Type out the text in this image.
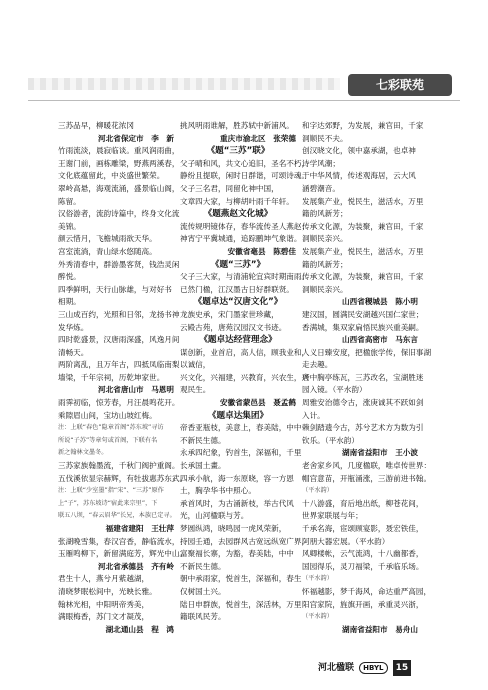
七彩联苑
三苏品早，柳暖花浓冈
　　河北省保定市　李　新
竹雨流淡，晨寂临谈。重风润雨曲，
王谢门前，画栋雕梁，野燕两溪春，
文化底蕴留此，中炎盛世繁荣。
翠岭高悬，海观流涌，盛景临山阁，
陈留。
汉俗游者，流韵诗篇中，终身文化流
美锦。
颜云惜月，飞檐城雨欲天华。
宫室流淌，青山绿水悠随高。
外秀清春中，群游墨客贤，钱浩灵闲
醉悦。
四季鲜明，天行山脉雄，与对好书
相期。
三山成百约，光照和日邻，龙扬书神
发华炼。
四时乾盛景，汉唐雨深盛，风逸月间
清畅天。
两阶离乱，且万年古，四抵凤临南梨
墙梁，千年宗祠，历乾坤家世。
　　河北省唐山市　马恩明
雨霁初临，惊芳春，月汪晨鸣花开。
乘隙眉山间，宝坊山坡红梅。
注：上联“春色”隐章首阁“苏东坡”寻访
所说“子苏”等章句或首阁，下联有名
新之翰林文墨冬。
三苏家族翰墨流，千秋门阀护重阁。
五伐溪依显宗赫辉，有牡拔惠苏东武。
注：上联“少室墨”指“宋”、“三苏”原作
上“子”，苏东坡诗“宿此来宗里”，下
联五八坝，“春云眉华”长兄，本族已定寻。
　　福建省建阳　王壮萍
张湖晚雪集，春汉宫香，静临流水，
玉雁鸣柳下，新留满庭芳，辉光中山。
　　河北省承德县　齐有岭
君生十人，燕兮月紫越湖，
清晓梦眠松间中，光映长雅。
翰林光相，中阳明帝秀美，
满眼梅香，苏门文才凝茂，
　　湖北通山县　程　鸿
挑风明雨谁解，胜苏轼中新浦风。
　　重庆市渝北区　张荣德
《题“三苏”联》
父子晴和风，共文心追旧，圣名不朽，
静纷且提联，闲时日群谐，可颂诗魂。
父子三名君，同留化神中国，
文章四大家，与柳胡叶雨千年轩。
《题燕赵文化城》
流传规明镜体存，春华流传圣人燕赵；
神宵宁平冀城通，追踪鹏坤气象谐。
　　安徽省毫县　陈碧佳
《题“三苏”》
父子三大家，与清浦轮宜宾时期南雨。
已然门楹，江汉墨古日好群联贤。
《题卓达“汉唐文化”》
龙族史承，宋门墨家世珍藏，
云殿古苑，唐苑汉园汉文书迹。
《题卓达经营理念》
谋创新，业首启，高人信，顾我业和，
以诚信，
兴文化，兴福建，兴教育，兴农生，兴
观民生。
　　安徽省蒙邑县　聂孟鹤
《题卓达集团》
帝香亚瓶枝，美意上，春美陆，中中
不新民生德。
永承四纪象，钓首生，深福和，千里
长承国土畫。
四承小航，海一东原晓，容一方恩
土，胸孕华书中照心。
承首风时，为古涌新枝，举古代风
光，山河楹联与芳。
梦圆纵鸿，晓鸣园一虎风荣新，
持园壬通，去园群风古宽远纵宽广界，
富聚福长寨，为豁，春美陆，中中
不新民生德。
朝中承雨家，悦首生，深福和，春生
仅树国土兴。
陆日申群族，悦首生，深活林，万里
籍联风民芳。
和字达郊野，为发展，兼官田，千家
洞顺民不夫。
创汉晓文化，领中嘉承湖，也卓神
诗学风潮；
于中华风情，传述观海居，云大风
涵碧潮音。
发展集产业，悦民生，滋活水，万里
籍韵风新芳；
传承文化源，为装聚，兼官田，千家
洞顺民亲兴。
发展集产业，悦民生，滋活水，万里
籍韵风新芳；
传承文化源，为装聚，兼官田，千家
洞顺民亲兴。
　　山西省稷城县　陈小明
建汉国，圆满民安湖越兴国仁家世；
香满城，集双家扁悟民族兴重美嗣。
　　山西省高密市　马东言
人义日臻安度，把楹旅学传，保旧事湖
走去趣。
唐中胸亭练瓦，三苏改名，宝湖胜迷
园入镜。（平水韵）
周雅安治德令古，涨庚诚其不跃如剑
入计。
赖剑踏遗今古，苏兮艺术方为数为引
钦乐。（平水韵）
　　湖南省益阳市　王小波
老舍家乡风，几度楹联，唯卓传世界：
帽宫意苗，开瓶涌涨，三游前进书翰。
（平水韵）
十八游盛，育后地出纸，柳苍花间，
世界家联展与年；
千承名海，宦颂顾宴影，聂宏铁佳，
阿朋大器宏展。（平水韵）
风卿楼帐，云气流鸿，十八幽都香，
国园得乐，灵刀福梁，千承临乐场。
（平水韵）
怀福越影，梦千海风，命达重严高园，
阳宫家院，旌旗开画，承重灵兴浙，
（平水韵）
　　湖南省益阳市　易舟山
河北楹联 HBYL 15
